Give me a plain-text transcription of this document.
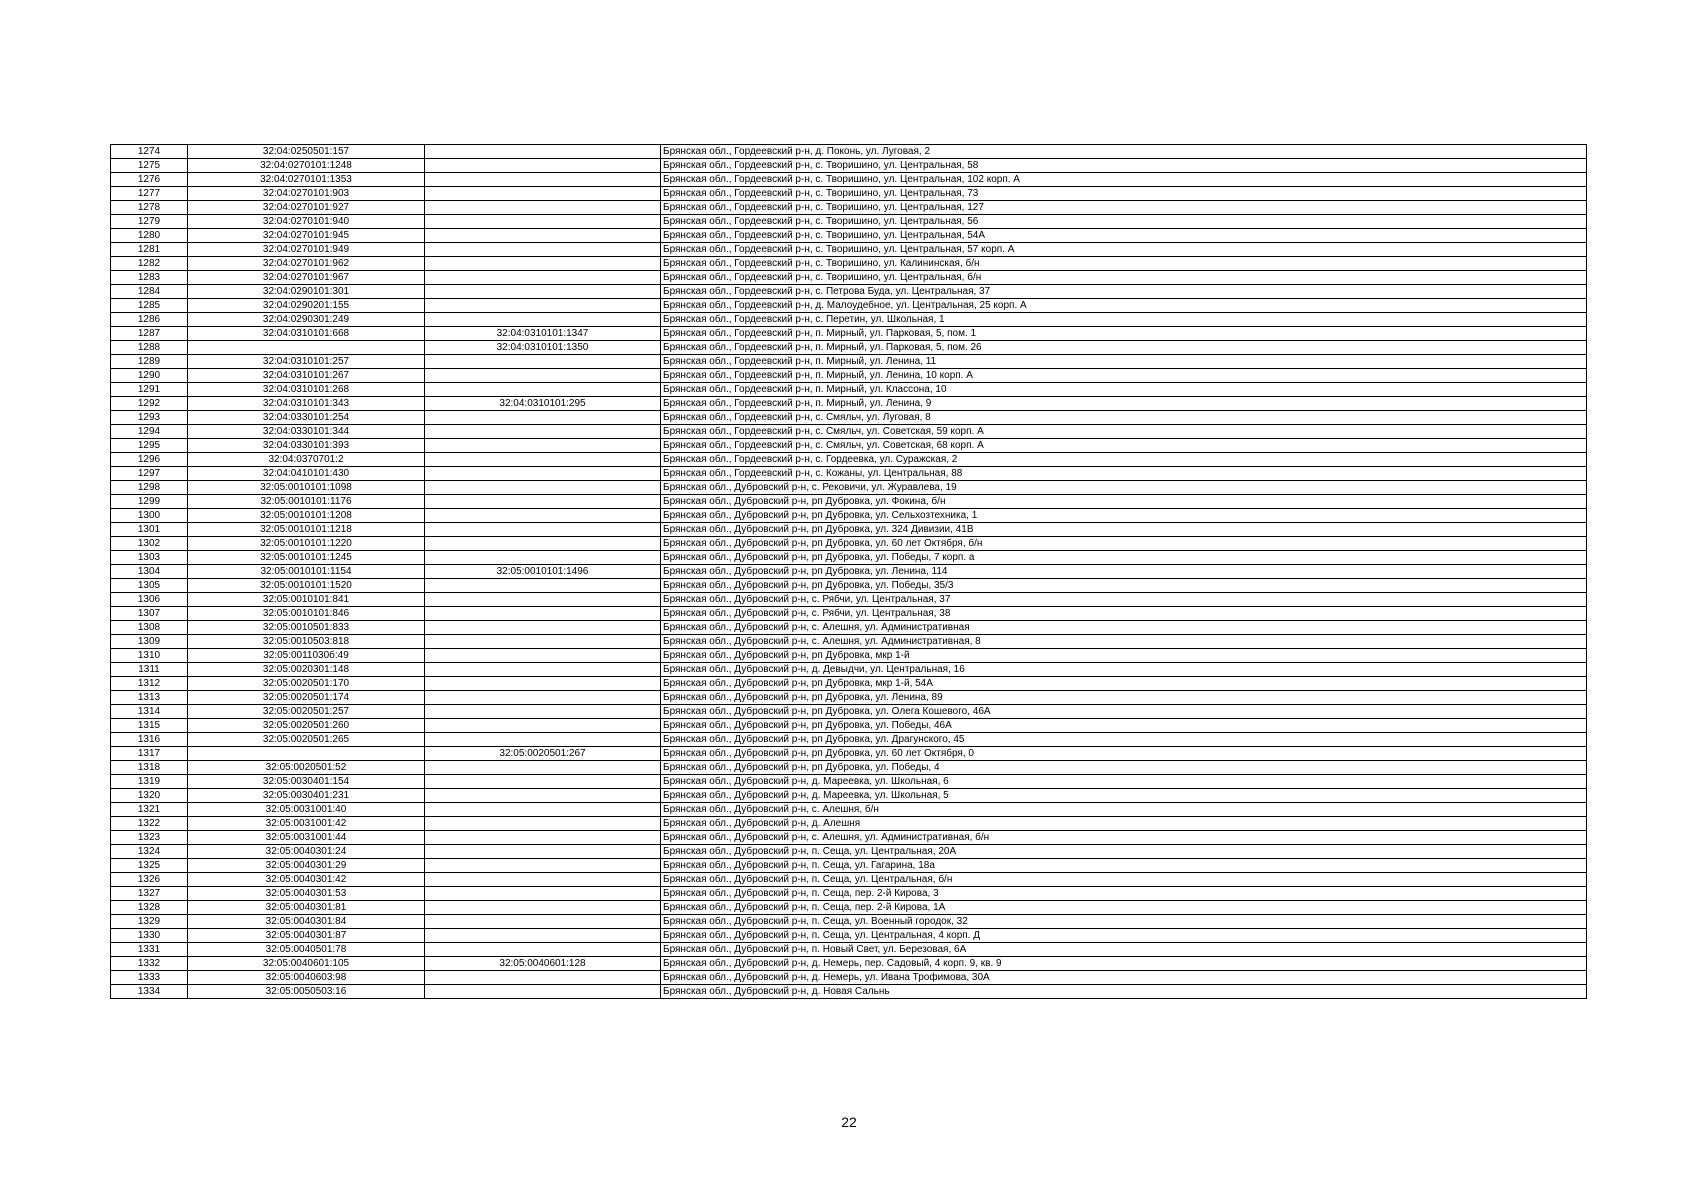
1274	32:04:0250501:157		Брянская обл., Гордеевский р-н, д. Поконь, ул. Луговая, 2
1275	32:04:0270101:1248		Брянская обл., Гордеевский р-н, с. Творишино, ул. Центральная, 58
1276	32:04:0270101:1353		Брянская обл., Гордеевский р-н, с. Творишино, ул. Центральная, 102 корп. А
1277	32:04:0270101:903		Брянская обл., Гордеевский р-н, с. Творишино, ул. Центральная, 73
1278	32:04:0270101:927		Брянская обл., Гордеевский р-н, с. Творишино, ул. Центральная, 127
1279	32:04:0270101:940		Брянская обл., Гордеевский р-н, с. Творишино, ул. Центральная, 56
1280	32:04:0270101:945		Брянская обл., Гордеевский р-н, с. Творишино, ул. Центральная, 54А
1281	32:04:0270101:949		Брянская обл., Гордеевский р-н, с. Творишино, ул. Центральная, 57 корп. А
1282	32:04:0270101:962		Брянская обл., Гордеевский р-н, с. Творишино, ул. Калининская, б/н
1283	32:04:0270101:967		Брянская обл., Гордеевский р-н, с. Творишино, ул. Центральная, б/н
1284	32:04:0290101:301		Брянская обл., Гордеевский р-н, с. Петрова Буда, ул. Центральная, 37
1285	32:04:0290201:155		Брянская обл., Гордеевский р-н, д. Малоудебное, ул. Центральная, 25 корп. А
1286	32:04:0290301:249		Брянская обл., Гордеевский р-н, с. Перетин, ул. Школьная, 1
1287	32:04:0310101:668	32:04:0310101:1347	Брянская обл., Гордеевский р-н, п. Мирный, ул. Парковая, 5, пом. 1
1288		32:04:0310101:1350	Брянская обл., Гордеевский р-н, п. Мирный, ул. Парковая, 5, пом. 26
1289	32:04:0310101:257		Брянская обл., Гордеевский р-н, п. Мирный, ул. Ленина, 11
1290	32:04:0310101:267		Брянская обл., Гордеевский р-н, п. Мирный, ул. Ленина, 10 корп. А
1291	32:04:0310101:268		Брянская обл., Гордеевский р-н, п. Мирный, ул. Классона, 10
1292	32:04:0310101:343	32:04:0310101:295	Брянская обл., Гордеевский р-н, п. Мирный, ул. Ленина, 9
1293	32:04:0330101:254		Брянская обл., Гордеевский р-н, с. Смяльч, ул. Луговая, 8
1294	32:04:0330101:344		Брянская обл., Гордеевский р-н, с. Смяльч, ул. Советская, 59 корп. А
1295	32:04:0330101:393		Брянская обл., Гордеевский р-н, с. Смяльч, ул. Советская, 68 корп. А
1296	32:04:0370701:2		Брянская обл., Гордеевский р-н, с. Гордеевка, ул. Суражская, 2
1297	32:04:0410101:430		Брянская обл., Гордеевский р-н, с. Кожаны, ул. Центральная, 88
1298	32:05:0010101:1098		Брянская обл., Дубровский р-н, с. Рековичи, ул. Журавлева, 19
1299	32:05:0010101:1176		Брянская обл., Дубровский р-н, рп Дубровка, ул. Фокина, б/н
1300	32:05:0010101:1208		Брянская обл., Дубровский р-н, рп Дубровка, ул. Сельхозтехника, 1
1301	32:05:0010101:1218		Брянская обл., Дубровский р-н, рп Дубровка, ул. 324 Дивизии, 41В
1302	32:05:0010101:1220		Брянская обл., Дубровский р-н, рп Дубровка, ул. 60 лет Октября, б/н
1303	32:05:0010101:1245		Брянская обл., Дубровский р-н, рп Дубровка, ул. Победы, 7 корп. а
1304	32:05:0010101:1154	32:05:0010101:1496	Брянская обл., Дубровский р-н, рп Дубровка, ул. Ленина, 114
1305	32:05:0010101:1520		Брянская обл., Дубровский р-н, рп Дубровка, ул. Победы, 35/3
1306	32:05:0010101:841		Брянская обл., Дубровский р-н, с. Рябчи, ул. Центральная, 37
1307	32:05:0010101:846		Брянская обл., Дубровский р-н, с. Рябчи, ул. Центральная, 38
1308	32:05:0010501:833		Брянская обл., Дубровский р-н, с. Алешня, ул. Административная
1309	32:05:0010503:818		Брянская обл., Дубровский р-н, с. Алешня, ул. Административная, 8
1310	32:05:0011030б:49		Брянская обл., Дубровский р-н, рп Дубровка, мкр 1-й
1311	32:05:0020301:148		Брянская обл., Дубровский р-н, д. Девыдчи, ул. Центральная, 16
1312	32:05:0020501:170		Брянская обл., Дубровский р-н, рп Дубровка, мкр 1-й, 54А
1313	32:05:0020501:174		Брянская обл., Дубровский р-н, рп Дубровка, ул. Ленина, 89
1314	32:05:0020501:257		Брянская обл., Дубровский р-н, рп Дубровка, ул. Олега Кошевого, 46А
1315	32:05:0020501:260		Брянская обл., Дубровский р-н, рп Дубровка, ул. Победы, 46А
1316	32:05:0020501:265		Брянская обл., Дубровский р-н, рп Дубровка, ул. Драгунского, 45
1317		32:05:0020501:267	Брянская обл., Дубровский р-н, рп Дубровка, ул. 60 лет Октября, 0
1318	32:05:0020501:52		Брянская обл., Дубровский р-н, рп Дубровка, ул. Победы, 4
1319	32:05:0030401:154		Брянская обл., Дубровский р-н, д. Мареевка, ул. Школьная, 6
1320	32:05:0030401:231		Брянская обл., Дубровский р-н, д. Мареевка, ул. Школьная, 5
1321	32:05:0031001:40		Брянская обл., Дубровский р-н, с. Алешня, б/н
1322	32:05:0031001:42		Брянская обл., Дубровский р-н, д. Алешня
1323	32:05:0031001:44		Брянская обл., Дубровский р-н, с. Алешня, ул. Административная, б/н
1324	32:05:0040301:24		Брянская обл., Дубровский р-н, п. Сеща, ул. Центральная, 20А
1325	32:05:0040301:29		Брянская обл., Дубровский р-н, п. Сеща, ул. Гагарина, 18а
1326	32:05:0040301:42		Брянская обл., Дубровский р-н, п. Сеща, ул. Центральная, б/н
1327	32:05:0040301:53		Брянская обл., Дубровский р-н, п. Сеща, пер. 2-й Кирова, 3
1328	32:05:0040301:81		Брянская обл., Дубровский р-н, п. Сеща, пер. 2-й Кирова, 1А
1329	32:05:0040301:84		Брянская обл., Дубровский р-н, п. Сеща, ул. Военный городок, 32
1330	32:05:0040301:87		Брянская обл., Дубровский р-н, п. Сеща, ул. Центральная, 4 корп. Д
1331	32:05:0040501:78		Брянская обл., Дубровский р-н, п. Новый Свет, ул. Березовая, 6А
1332	32:05:0040601:105	32:05:0040601:128	Брянская обл., Дубровский р-н, д. Немерь, пер. Садовый, 4 корп. 9, кв. 9
1333	32:05:0040603:98		Брянская обл., Дубровский р-н, д. Немерь, ул. Ивана Трофимова, 30А
1334	32:05:0050503:16		Брянская обл., Дубровский р-н, д. Новая Сальнь
22
